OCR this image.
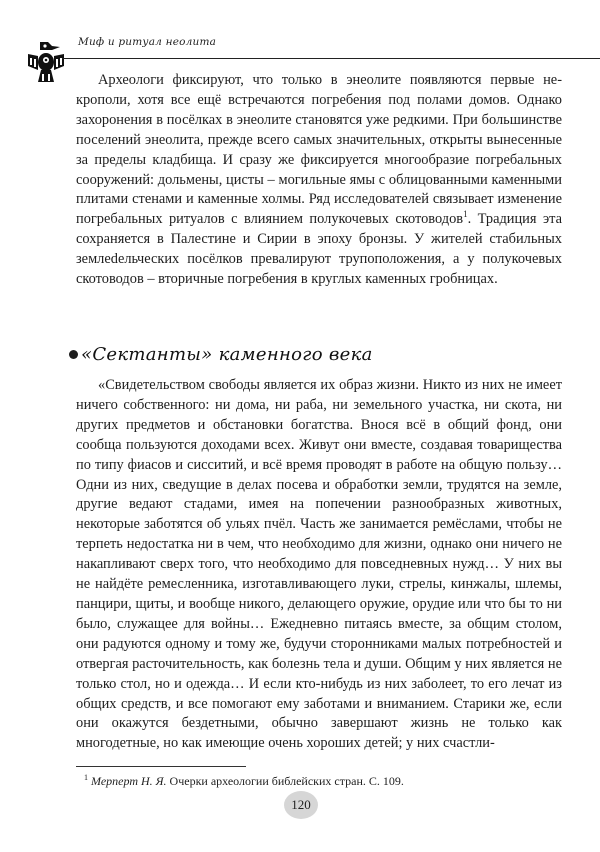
Миф и ритуал неолита

Археологи фиксируют, что только в энеолите появляются первые некрополи, хотя все ещё встречаются погребения под полами домов. Однако захоронения в посёлках в энеолите становятся уже редкими. При большинстве поселений энеолита, прежде всего самых значительных, открыты вынесенные за пределы кладбища. И сразу же фиксируется многообразие погребальных сооружений: дольмены, цисты – могильные ямы с облицованными каменными плитами стенами и каменные холмы. Ряд исследователей связывает изменение погребальных ритуалов с влиянием полукочевых скотоводов$^1$. Традиция эта сохраняется в Палестине и Сирии в эпоху бронзы. У жителей стабильных землedельческих посёлков превалируют трупоположения, а у полукочевых скотоводов – вторичные погребения в круглых каменных гробницах.

«Сектанты» каменного века

«Свидетельством свободы является их образ жизни. Никто из них не имеет ничего собственного: ни дома, ни раба, ни земельного участка, ни скота, ни других предметов и обстановки богатства. Внося всё в общий фонд, они сообща пользуются доходами всех. Живут они вместе, создавая товарищества по типу фиасов и сисситий, и всё время проводят в работе на общую пользу… Одни из них, сведущие в делах посева и обработки земли, трудятся на земле, другие ведают стадами, имея на попечении разнообразных животных, некоторые заботятся об ульях пчёл. Часть же занимается ремёслами, чтобы не терпеть недостатка ни в чем, что необходимо для жизни, однако они ничего не накапливают сверх того, что необходимо для повседневных нужд… У них вы не найдёте ремесленника, изготавливающего луки, стрелы, кинжалы, шлемы, панцири, щиты, и вообще никого, делающего оружие, орудие или что бы то ни было, служащее для войны… Ежедневно питаясь вместе, за общим столом, они радуются одному и тому же, будучи сторонниками малых потребностей и отвергая расточительность, как болезнь тела и души. Общим у них является не только стол, но и одежда… И если кто-нибудь из них заболеет, то его лечат из общих средств, и все помогают ему заботами и вниманием. Старики же, если они окажутся бездетными, обычно завершают жизнь не только как многодетные, но как имеющие очень хороших детей; у них счастли-

$^1$ Мерперт Н. Я. Очерки археологии библейских стран. С. 109.
120
